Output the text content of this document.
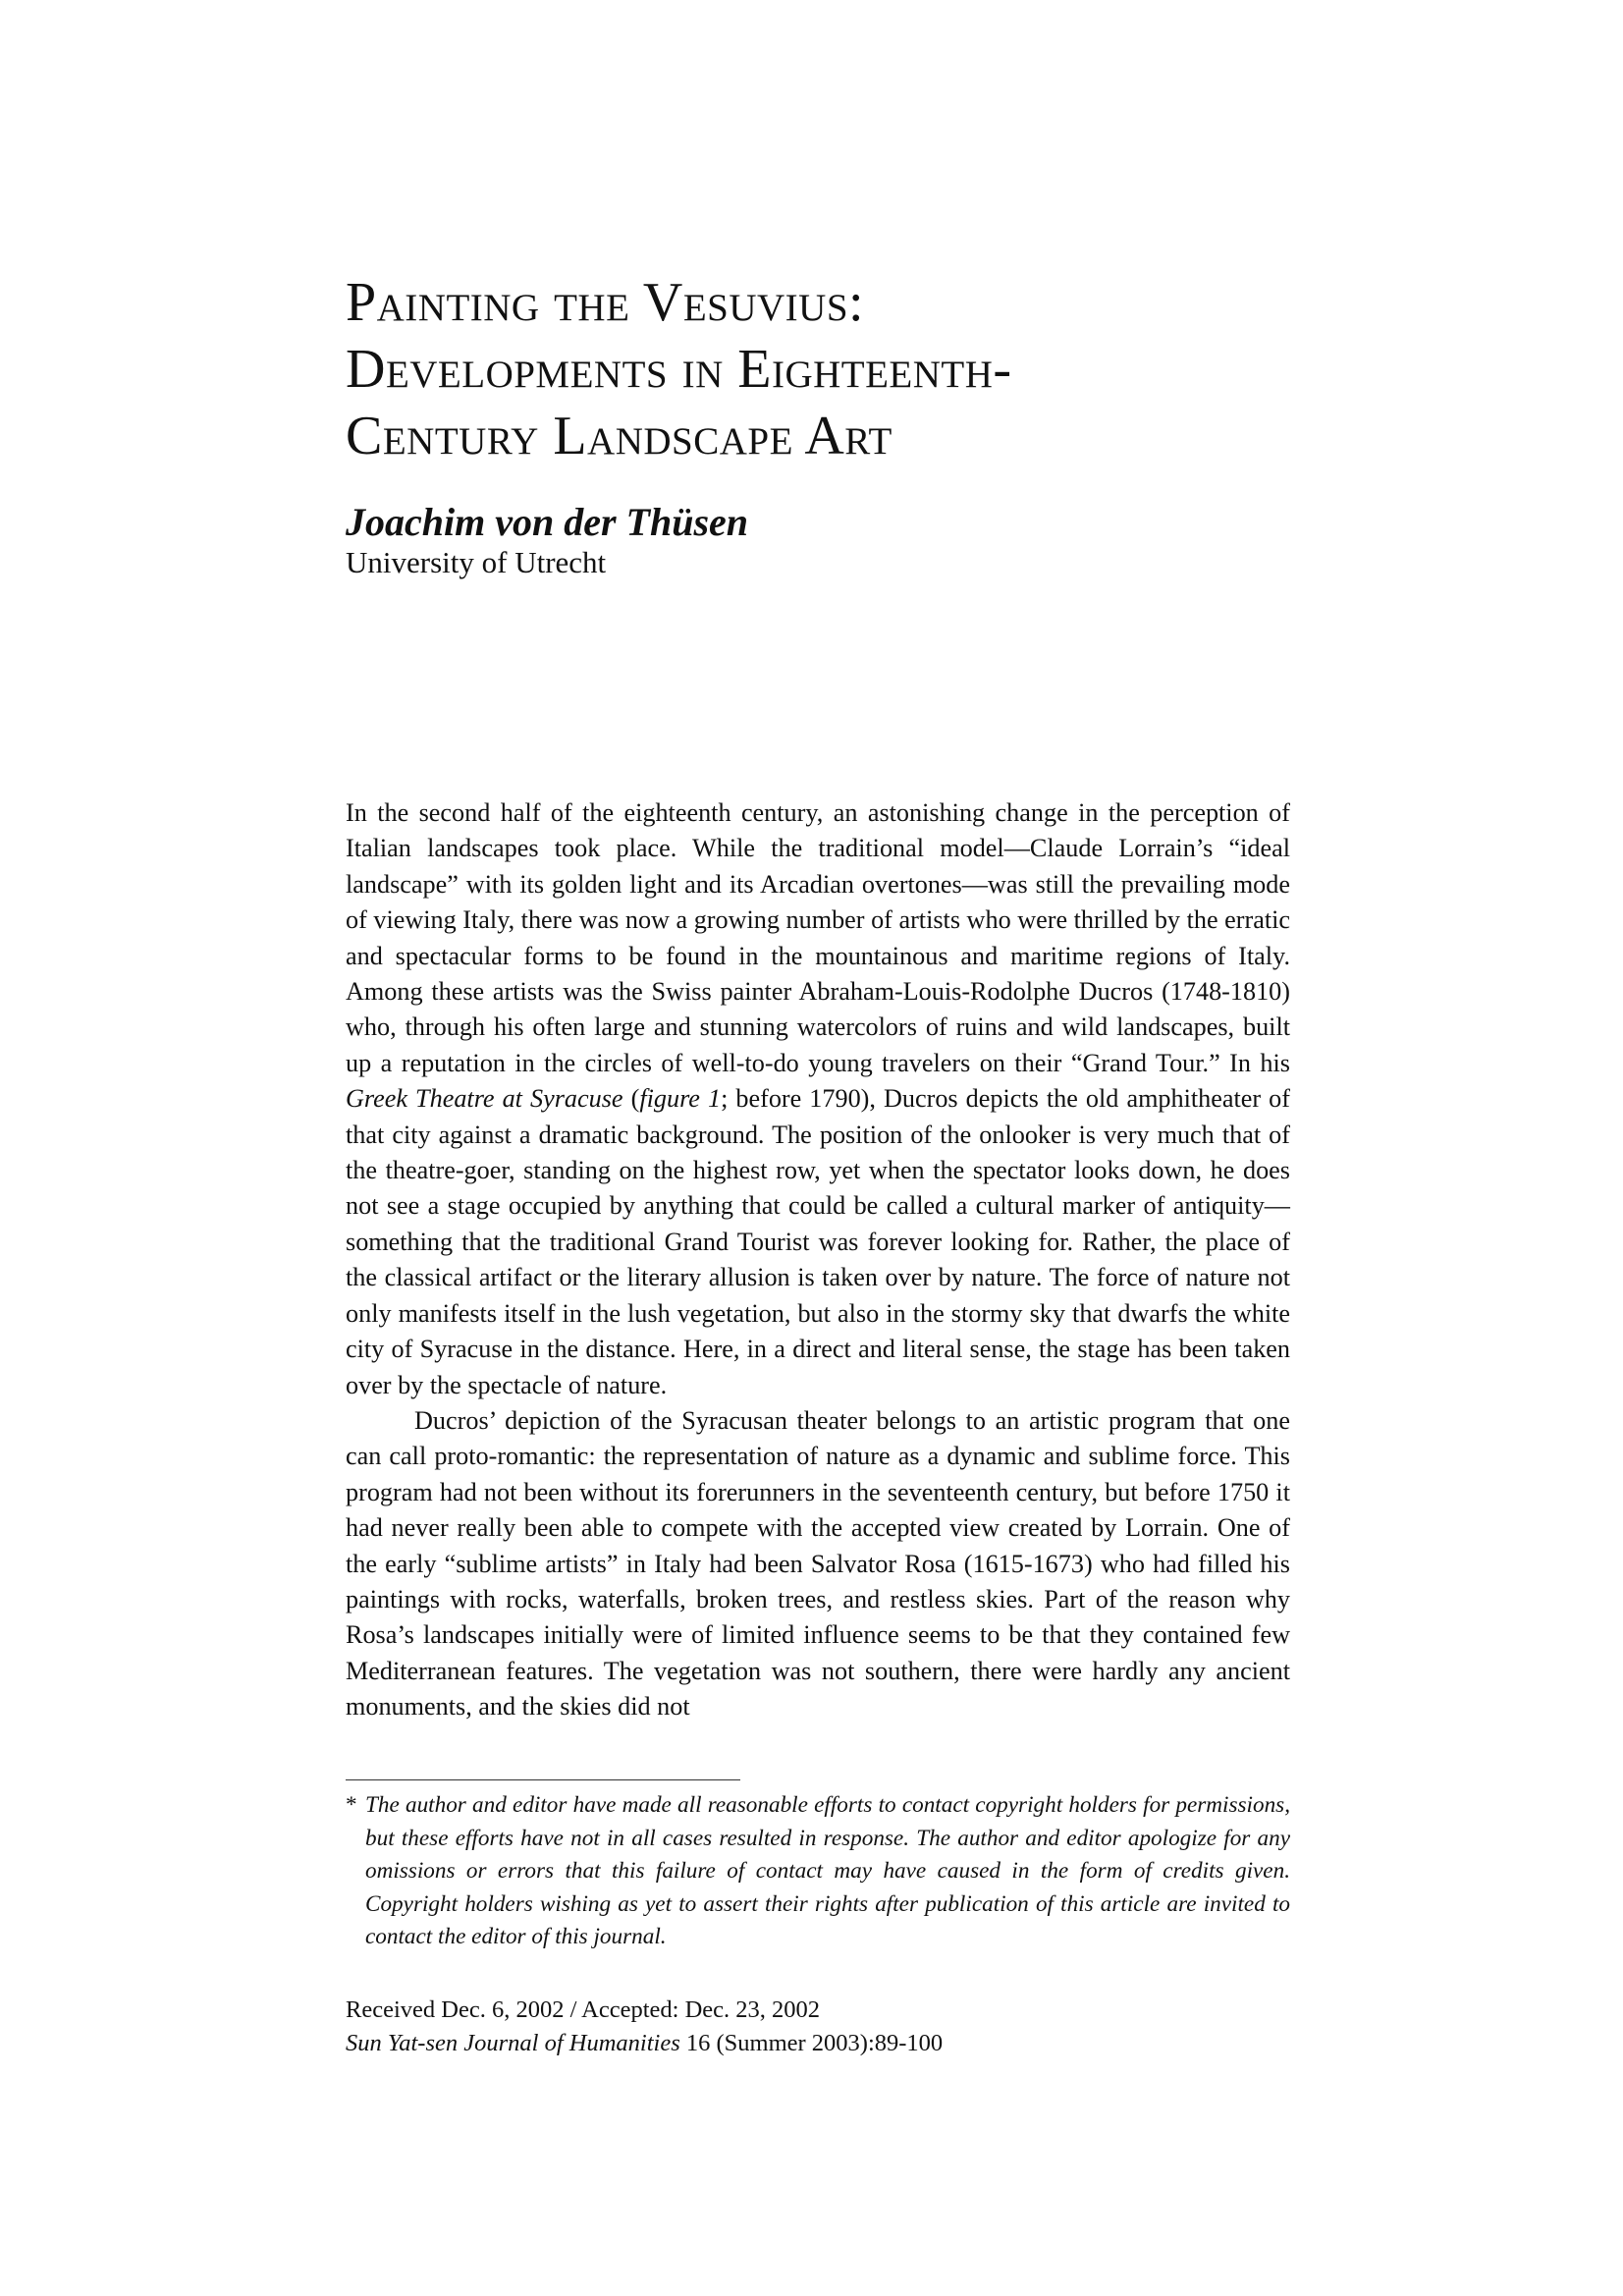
Painting the Vesuvius:
Developments in Eighteenth-
Century Landscape Art

Joachim von der Thüsen

University of Utrecht

In the second half of the eighteenth century, an astonishing change in the perception of Italian landscapes took place. While the traditional model—Claude Lorrain’s “ideal landscape” with its golden light and its Arcadian overtones—was still the prevailing mode of viewing Italy, there was now a growing number of artists who were thrilled by the erratic and spectacular forms to be found in the mountainous and maritime regions of Italy. Among these artists was the Swiss painter Abraham-Louis-Rodolphe Ducros (1748-1810) who, through his often large and stunning watercolors of ruins and wild landscapes, built up a reputation in the circles of well-to-do young travelers on their “Grand Tour.” In his Greek Theatre at Syracuse (figure 1; before 1790), Ducros depicts the old amphitheater of that city against a dramatic background. The position of the onlooker is very much that of the theatre-goer, standing on the highest row, yet when the spectator looks down, he does not see a stage occupied by anything that could be called a cultural marker of antiquity—something that the traditional Grand Tourist was forever looking for. Rather, the place of the classical artifact or the literary allusion is taken over by nature. The force of nature not only manifests itself in the lush vegetation, but also in the stormy sky that dwarfs the white city of Syracuse in the distance. Here, in a direct and literal sense, the stage has been taken over by the spectacle of nature.

Ducros’ depiction of the Syracusan theater belongs to an artistic program that one can call proto-romantic: the representation of nature as a dynamic and sublime force. This program had not been without its forerunners in the seventeenth century, but before 1750 it had never really been able to compete with the accepted view created by Lorrain. One of the early “sublime artists” in Italy had been Salvator Rosa (1615-1673) who had filled his paintings with rocks, waterfalls, broken trees, and restless skies. Part of the reason why Rosa’s landscapes initially were of limited influence seems to be that they contained few Mediterranean features. The vegetation was not southern, there were hardly any ancient monuments, and the skies did not

* The author and editor have made all reasonable efforts to contact copyright holders for permissions, but these efforts have not in all cases resulted in response. The author and editor apologize for any omissions or errors that this failure of contact may have caused in the form of credits given. Copyright holders wishing as yet to assert their rights after publication of this article are invited to contact the editor of this journal.
Received Dec. 6, 2002 / Accepted: Dec. 23, 2002
Sun Yat-sen Journal of Humanities 16 (Summer 2003):89-100
